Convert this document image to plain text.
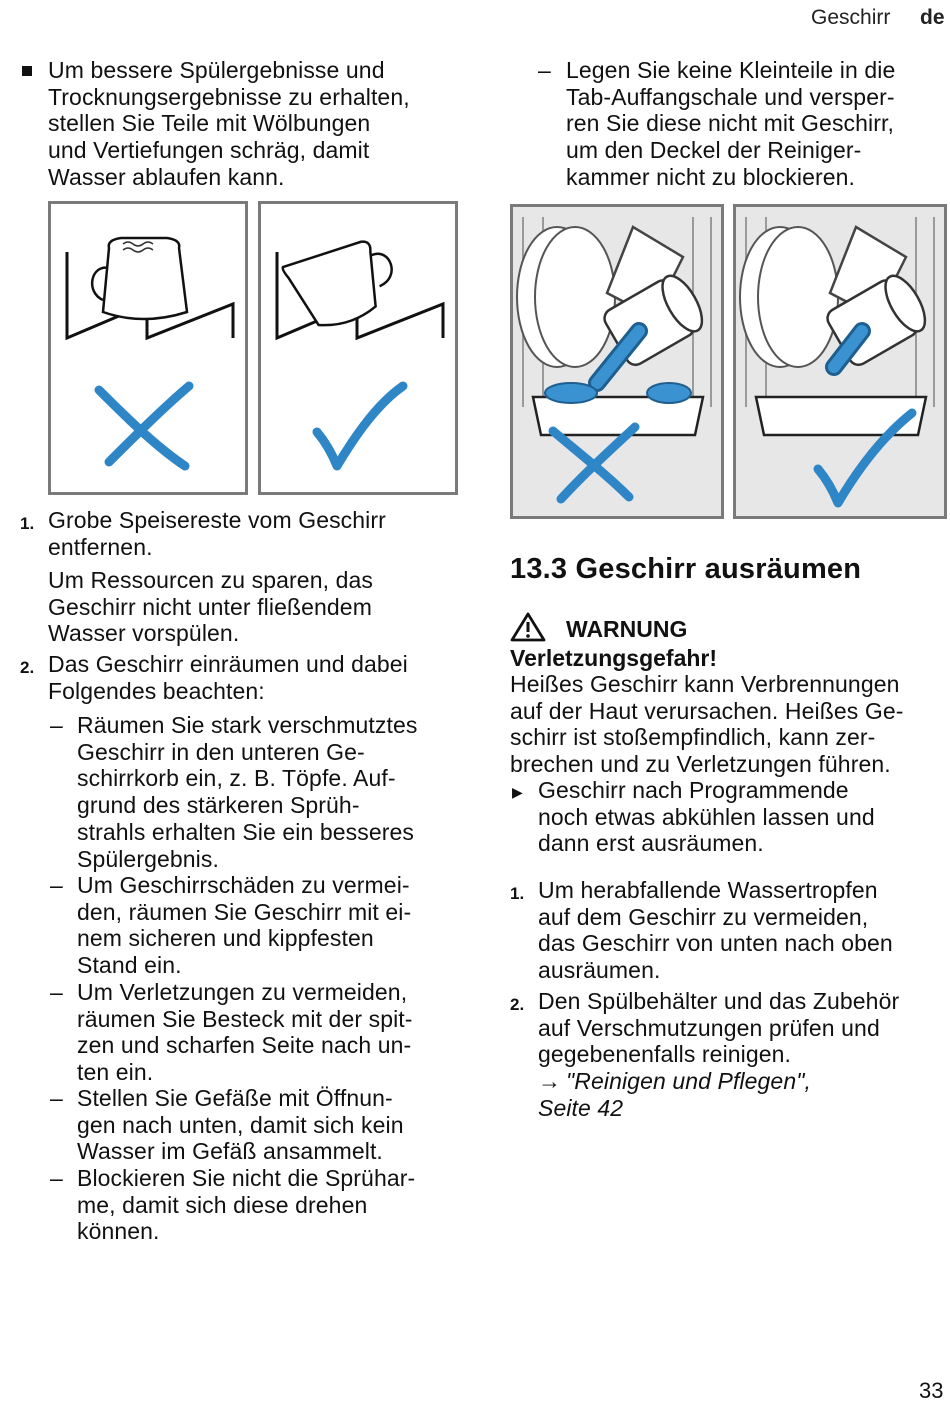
Geschirr de
Um bessere Spülergebnisse und
Trocknungsergebnisse zu erhalten,
stellen Sie Teile mit Wölbungen
und Vertiefungen schräg, damit
Wasser ablaufen kann.
– Legen Sie keine Kleinteile in die
Tab-Auffangschale und versper-
ren Sie diese nicht mit Geschirr,
um den Deckel der Reiniger-
kammer nicht zu blockieren.
1. Grobe Speisereste vom Geschirr
entfernen.
Um Ressourcen zu sparen, das
Geschirr nicht unter fließendem
Wasser vorspülen.
2. Das Geschirr einräumen und dabei
Folgendes beachten:
– Räumen Sie stark verschmutztes
Geschirr in den unteren Ge-
schirrkorb ein, z. B. Töpfe. Auf-
grund des stärkeren Sprüh-
strahls erhalten Sie ein besseres
Spülergebnis.
– Um Geschirrschäden zu vermei-
den, räumen Sie Geschirr mit ei-
nem sicheren und kippfesten
Stand ein.
– Um Verletzungen zu vermeiden,
räumen Sie Besteck mit der spit-
zen und scharfen Seite nach un-
ten ein.
– Stellen Sie Gefäße mit Öffnun-
gen nach unten, damit sich kein
Wasser im Gefäß ansammelt.
– Blockieren Sie nicht die Sprühar-
me, damit sich diese drehen
können.
13.3 Geschirr ausräumen
WARNUNG
Verletzungsgefahr!
Heißes Geschirr kann Verbrennungen
auf der Haut verursachen. Heißes Ge-
schirr ist stoßempfindlich, kann zer-
brechen und zu Verletzungen führen.
▶ Geschirr nach Programmende
noch etwas abkühlen lassen und
dann erst ausräumen.
1. Um herabfallende Wassertropfen
auf dem Geschirr zu vermeiden,
das Geschirr von unten nach oben
ausräumen.
2. Den Spülbehälter und das Zubehör
auf Verschmutzungen prüfen und
gegebenenfalls reinigen.
→ "Reinigen und Pflegen",
Seite 42
33
